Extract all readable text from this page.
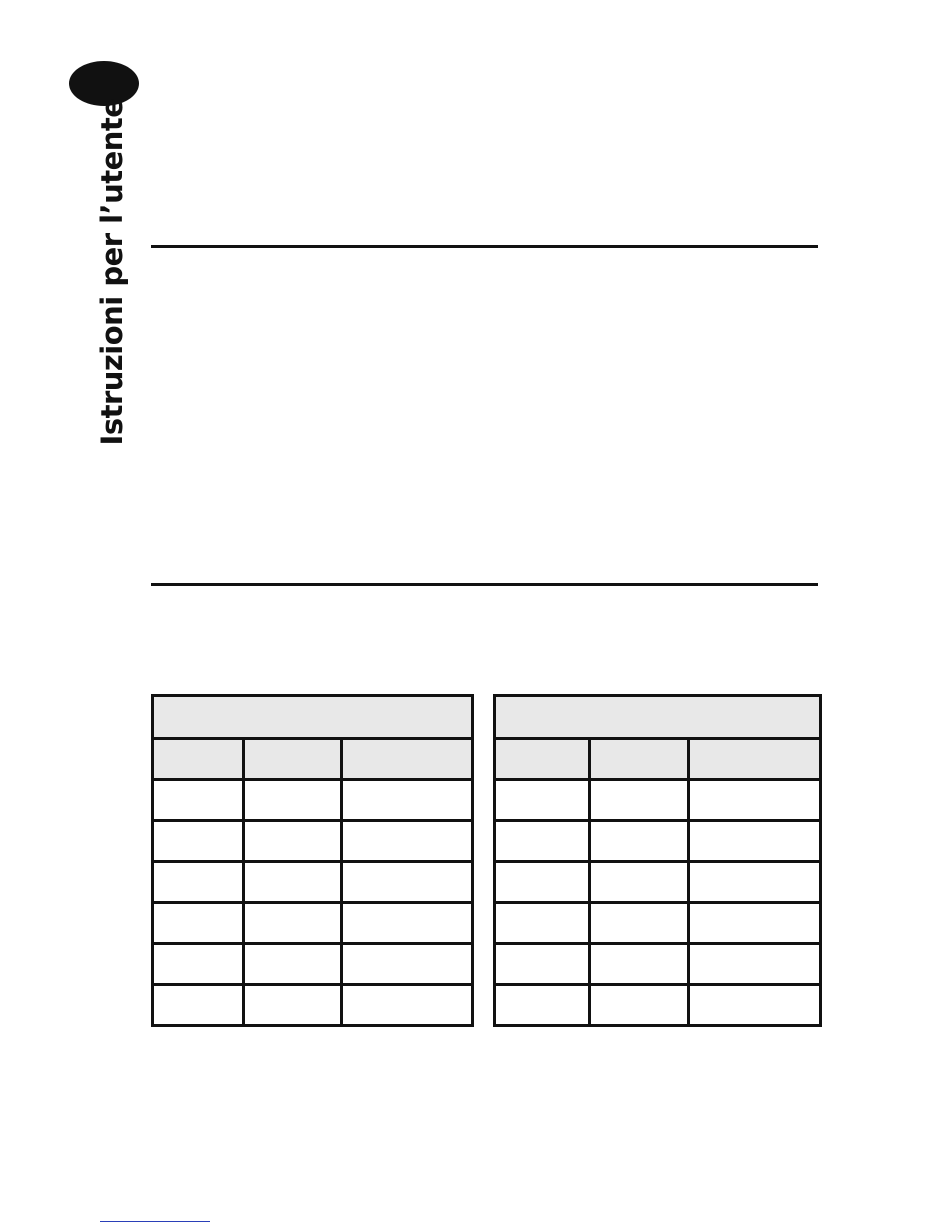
Istruzioni per l’utente
